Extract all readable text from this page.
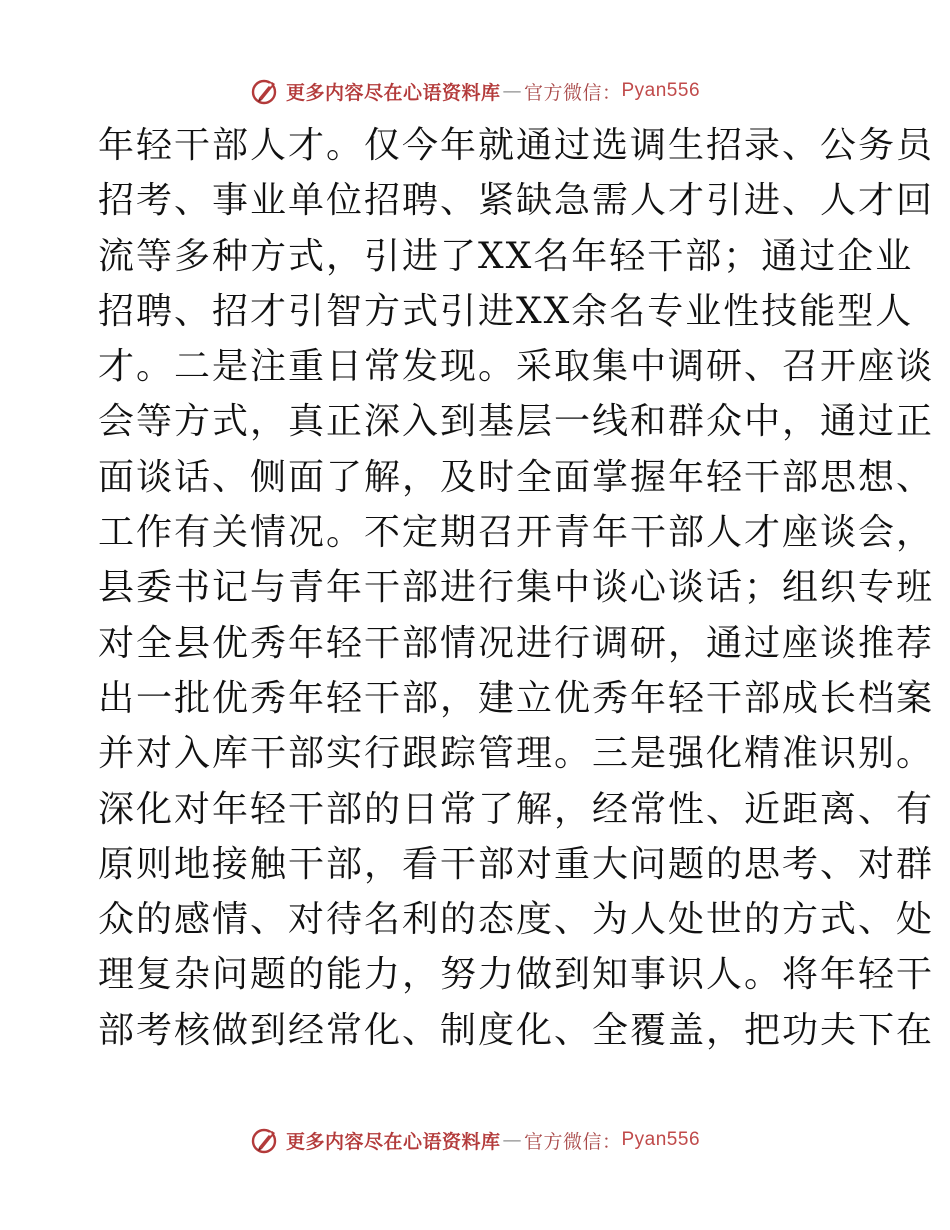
更多内容尽在心语资料库 — 官方微信： Pyan556
年轻干部人才。仅今年就通过选调生招录、公务员
招考、事业单位招聘、紧缺急需人才引进、人才回
流等多种方式，引进了XX名年轻干部；通过企业
招聘、招才引智方式引进XX余名专业性技能型人
才。二是注重日常发现。采取集中调研、召开座谈
会等方式，真正深入到基层一线和群众中，通过正
面谈话、侧面了解，及时全面掌握年轻干部思想、
工作有关情况。不定期召开青年干部人才座谈会，
县委书记与青年干部进行集中谈心谈话；组织专班
对全县优秀年轻干部情况进行调研，通过座谈推荐
出一批优秀年轻干部，建立优秀年轻干部成长档案
并对入库干部实行跟踪管理。三是强化精准识别。
深化对年轻干部的日常了解，经常性、近距离、有
原则地接触干部，看干部对重大问题的思考、对群
众的感情、对待名利的态度、为人处世的方式、处
理复杂问题的能力，努力做到知事识人。将年轻干
部考核做到经常化、制度化、全覆盖，把功夫下在
更多内容尽在心语资料库 — 官方微信： Pyan556
